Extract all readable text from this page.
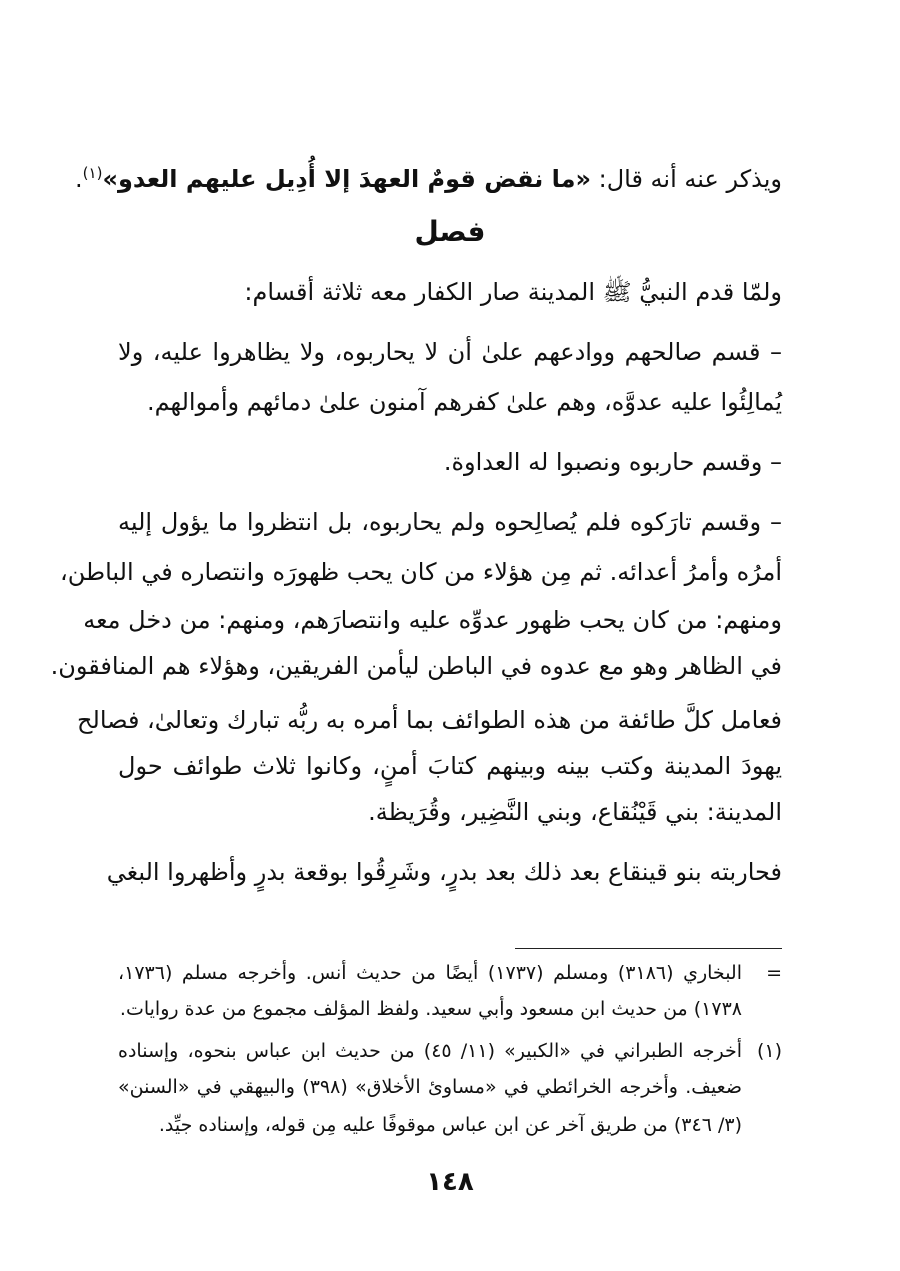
ويذكر عنه أنه قال: «ما نقض قومٌ العهدَ إلا أُدِيل عليهم العدو»$^{(١)}$.
فصل
ولمّا قدم النبيُّ ﷺ المدينة صار الكفار معه ثلاثة أقسام:
– قسم صالحهم ووادعهم علىٰ أن لا يحاربوه، ولا يظاهروا عليه، ولا
يُمالِئُوا عليه عدوَّه، وهم علىٰ كفرهم آمنون علىٰ دمائهم وأموالهم.
– وقسم حاربوه ونصبوا له العداوة.
– وقسم تارَكوه فلم يُصالِحوه ولم يحاربوه، بل انتظروا ما يؤول إليه
أمرُه وأمرُ أعدائه. ثم مِن هؤلاء من كان يحب ظهورَه وانتصاره في الباطن،
ومنهم: من كان يحب ظهور عدوِّه عليه وانتصارَهم، ومنهم: من دخل معه
في الظاهر وهو مع عدوه في الباطن ليأمن الفريقين، وهؤلاء هم المنافقون.
فعامل كلَّ طائفة من هذه الطوائف بما أمره به ربُّه تبارك وتعالىٰ، فصالح
يهودَ المدينة وكتب بينه وبينهم كتابَ أمنٍ، وكانوا ثلاث طوائف حول
المدينة: بني قَيْنُقاع، وبني النَّضِير، وقُرَيظة.
فحاربته بنو قينقاع بعد ذلك بعد بدرٍ، وشَرِقُوا بوقعة بدرٍ وأظهروا البغي
=البخاري (٣١٨٦) ومسلم (١٧٣٧) أيضًا من حديث أنس. وأخرجه مسلم (١٧٣٦،
١٧٣٨) من حديث ابن مسعود وأبي سعيد. ولفظ المؤلف مجموع من عدة روايات.
(١)أخرجه الطبراني في «الكبير» (١١/ ٤٥) من حديث ابن عباس بنحوه، وإسناده
ضعيف. وأخرجه الخرائطي في «مساوئ الأخلاق» (٣٩٨) والبيهقي في «السنن»
(٣/ ٣٤٦) من طريق آخر عن ابن عباس موقوفًا عليه مِن قوله، وإسناده جيِّد.
١٤٨
